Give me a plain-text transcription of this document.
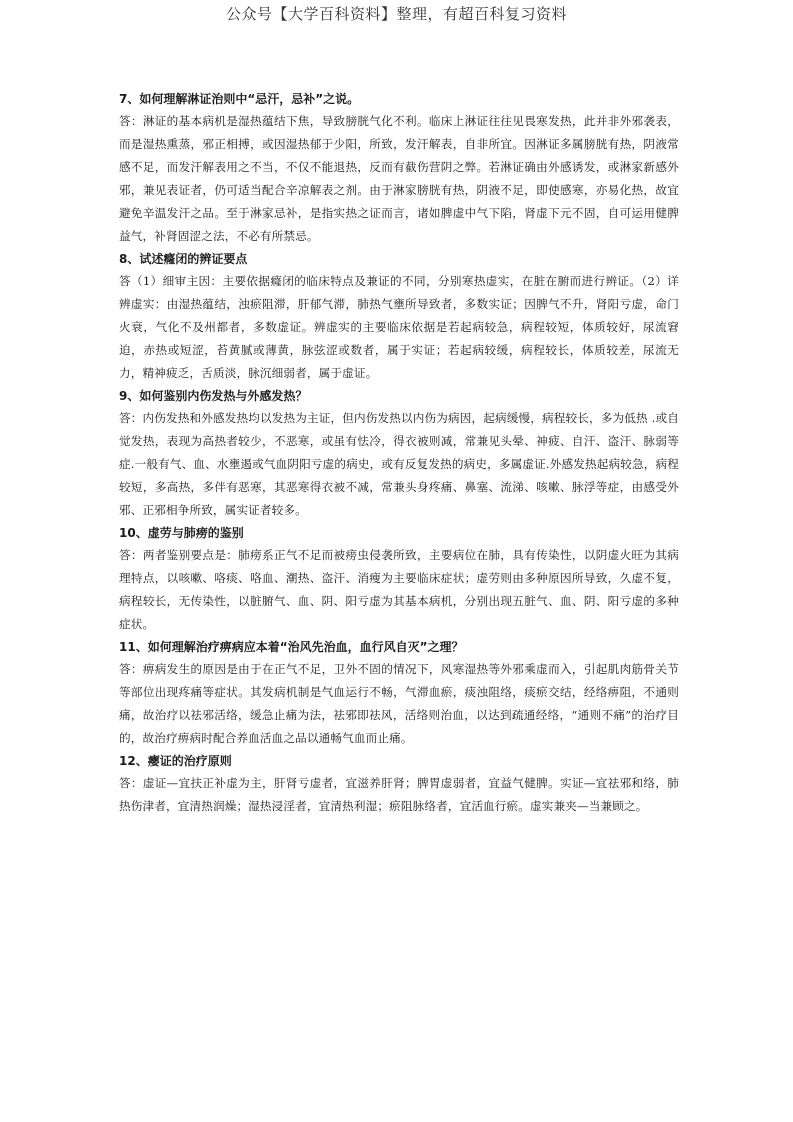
公众号【大学百科资料】整理，有超百科复习资料

7、如何理解淋证治则中“忌汗，忌补”之说。

答：淋证的基本病机是湿热蕴结下焦，导致膀胱气化不利。临床上淋证往往见畏寒发热，此并非外邪袭表，而是湿热熏蒸，邪正相搏，或因湿热郁于少阳，所致，发汗解表，自非所宜。因淋证多属膀胱有热，阴液常感不足，而发汗解表用之不当，不仅不能退热，反而有截伤营阴之弊。若淋证确由外感诱发，或淋家新感外邪，兼见表证者，仍可适当配合辛凉解表之剂。由于淋家膀胱有热，阴液不足，即使感寒，亦易化热，故宜避免辛温发汗之品。至于淋家忌补，是指实热之证而言，诸如脾虚中气下陷，肾虚下元不固，自可运用健脾益气，补肾固涩之法，不必有所禁忌。

8、试述癃闭的辨证要点

答（1）细审主因：主要依据癃闭的临床特点及兼证的不同，分别寒热虚实，在脏在腑而进行辨证。（2）详辨虚实：由湿热蕴结，浊瘀阻滞，肝郁气滞，肺热气壅所导致者，多数实证；因脾气不升，肾阳亏虚，命门火衰，气化不及州都者，多数虚证。辨虚实的主要临床依据是若起病较急，病程较短，体质较好，尿流窘迫，赤热或短涩，苔黄腻或薄黄，脉弦涩或数者，属于实证；若起病较缓，病程较长，体质较差，尿流无力，精神疲乏，舌质淡，脉沉细弱者，属于虚证。

9、如何鉴别内伤发热与外感发热？

答：内伤发热和外感发热均以发热为主证，但内伤发热以内伤为病因，起病缓慢，病程较长，多为低热 .或自觉发热，表现为高热者较少，不恶寒，或虽有怯冷，得衣被则减，常兼见头晕、神疲、自汗、盗汗、脉弱等症.一般有气、血、水壅遏或气血阴阳亏虚的病史，或有反复发热的病史，多属虚证.外感发热起病较急，病程较短，多高热，多伴有恶寒，其恶寒得衣被不减，常兼头身疼痛、鼻塞、流涕、咳嗽、脉浮等症，由感受外邪、正邪相争所致，属实证者较多。

10、虚劳与肺痨的鉴别

答：两者鉴别要点是：肺痨系正气不足而被痨虫侵袭所致，主要病位在肺，具有传染性，以阴虚火旺为其病理特点，以咳嗽、咯痰、咯血、潮热、盗汗、消瘦为主要临床症状；虚劳则由多种原因所导致，久虚不复，病程较长，无传染性，以脏腑气、血、阴、阳亏虚为其基本病机，分别出现五脏气、血、阴、阳亏虚的多种症状。

11、如何理解治疗痹病应本着“治风先治血，血行风自灭”之理？

答：痹病发生的原因是由于在正气不足，卫外不固的情况下，风寒湿热等外邪乘虚而入，引起肌肉筋骨关节等部位出现疼痛等症状。其发病机制是气血运行不畅，气滞血瘀，痰浊阻络，痰瘀交结，经络痹阻，不通则痛，故治疗以祛邪活络，缓急止痛为法，祛邪即祛风，活络则治血，以达到疏通经络，“通则不痛”的治疗目的，故治疗痹病时配合养血活血之品以通畅气血而止痛。

12、瘿证的治疗原则

答：虚证—宜扶正补虚为主，肝肾亏虚者，宜滋养肝肾；脾胃虚弱者，宜益气健脾。实证—宜祛邪和络，肺热伤津者，宜清热润燥；湿热浸淫者，宜清热利湿；瘀阻脉络者，宜活血行瘀。虚实兼夹—当兼顾之。
